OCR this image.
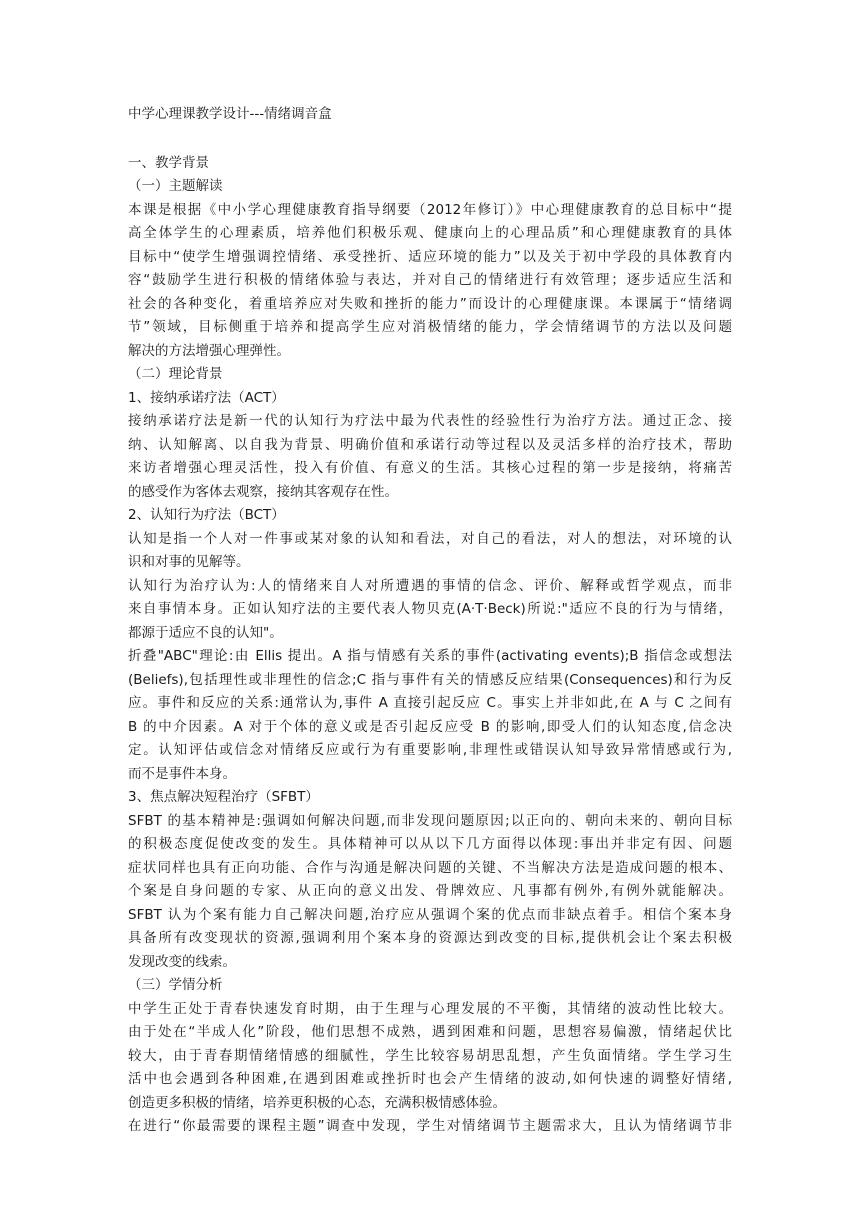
中学心理课教学设计---情绪调音盒
一、教学背景
（一）主题解读
本课是根据《中小学心理健康教育指导纲要（2012年修订）》中心理健康教育的总目标中“提
高全体学生的心理素质，培养他们积极乐观、健康向上的心理品质”和心理健康教育的具体
目标中“使学生增强调控情绪、承受挫折、适应环境的能力”以及关于初中学段的具体教育内
容“鼓励学生进行积极的情绪体验与表达，并对自己的情绪进行有效管理；逐步适应生活和
社会的各种变化，着重培养应对失败和挫折的能力”而设计的心理健康课。本课属于“情绪调
节”领域，目标侧重于培养和提高学生应对消极情绪的能力，学会情绪调节的方法以及问题
解决的方法增强心理弹性。
（二）理论背景
1、接纳承诺疗法（ACT）
接纳承诺疗法是新一代的认知行为疗法中最为代表性的经验性行为治疗方法。通过正念、接
纳、认知解离、以自我为背景、明确价值和承诺行动等过程以及灵活多样的治疗技术，帮助
来访者增强心理灵活性，投入有价值、有意义的生活。其核心过程的第一步是接纳，将痛苦
的感受作为客体去观察，接纳其客观存在性。
2、认知行为疗法（BCT）
认知是指一个人对一件事或某对象的认知和看法，对自己的看法，对人的想法，对环境的认
识和对事的见解等。
认知行为治疗认为:人的情绪来自人对所遭遇的事情的信念、评价、解释或哲学观点，而非
来自事情本身。正如认知疗法的主要代表人物贝克(A·T·Beck)所说:"适应不良的行为与情绪，
都源于适应不良的认知"。
折叠"ABC"理论:由 Ellis 提出。A 指与情感有关系的事件(activating events);B 指信念或想法
(Beliefs),包括理性或非理性的信念;C 指与事件有关的情感反应结果(Consequences)和行为反
应。事件和反应的关系:通常认为,事件 A 直接引起反应 C。事实上并非如此,在 A 与 C 之间有
B 的中介因素。A 对于个体的意义或是否引起反应受 B 的影响,即受人们的认知态度,信念决
定。认知评估或信念对情绪反应或行为有重要影响,非理性或错误认知导致异常情感或行为,
而不是事件本身。
3、焦点解决短程治疗（SFBT）
SFBT 的基本精神是:强调如何解决问题,而非发现问题原因;以正向的、朝向未来的、朝向目标
的积极态度促使改变的发生。具体精神可以从以下几方面得以体现:事出并非定有因、问题
症状同样也具有正向功能、合作与沟通是解决问题的关键、不当解决方法是造成问题的根本、
个案是自身问题的专家、从正向的意义出发、骨牌效应、凡事都有例外,有例外就能解决。
SFBT 认为个案有能力自己解决问题,治疗应从强调个案的优点而非缺点着手。相信个案本身
具备所有改变现状的资源,强调利用个案本身的资源达到改变的目标,提供机会让个案去积极
发现改变的线索。
（三）学情分析
中学生正处于青春快速发育时期，由于生理与心理发展的不平衡，其情绪的波动性比较大。
由于处在“半成人化”阶段，他们思想不成熟，遇到困难和问题，思想容易偏激，情绪起伏比
较大，由于青春期情绪情感的细腻性，学生比较容易胡思乱想，产生负面情绪。学生学习生
活中也会遇到各种困难,在遇到困难或挫折时也会产生情绪的波动,如何快速的调整好情绪,
创造更多积极的情绪，培养更积极的心态，充满积极情感体验。
在进行“你最需要的课程主题”调查中发现，学生对情绪调节主题需求大，且认为情绪调节非
